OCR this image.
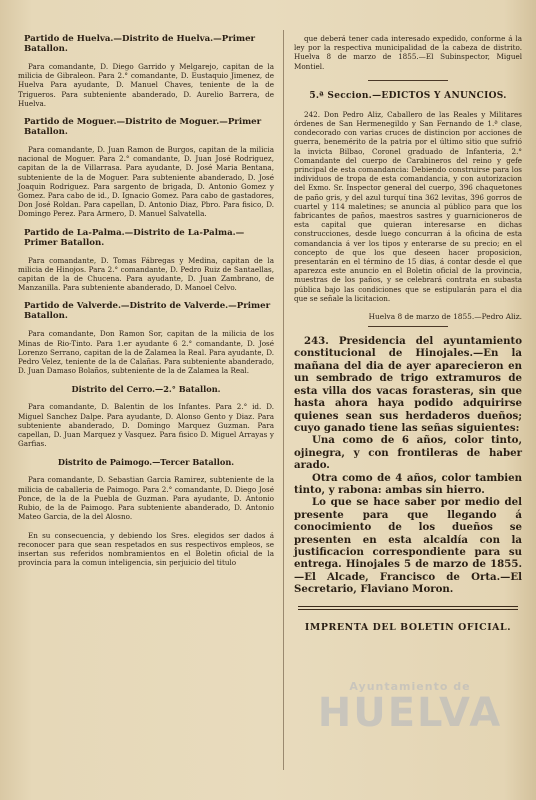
Partido de Huelva.—Distrito de Huelva.—Primer Batallon.

Para comandante, D. Diego Garrido y Melgarejo, capitan de la milicia de Gibraleon. Para 2.° comandante, D. Eustaquio Jimenez, de Huelva Para ayudante, D. Manuel Chaves, teniente de la de Trigueros. Para subteniente abanderado, D. Aurelio Barrera, de Huelva.

Partido de Moguer.—Distrito de Moguer.—Primer Batallon.

Para comandante, D. Juan Ramon de Burgos, capitan de la milicia nacional de Moguer. Para 2.° comandante, D. Juan José Rodriguez, capitan de la de Villarrasa. Para ayudante, D. José Maria Bentana, subteniente de la de Moguer. Para subteniente abanderado, D. José Joaquin Rodriguez. Para sargento de brigada, D. Antonio Gomez y Gomez. Para cabo de id., D. Ignacio Gomez. Para cabo de gastadores, Don José Roldan. Para capellan, D. Antonio Diaz, Pbro. Para fisico, D. Domingo Perez. Para Armero, D. Manuel Salvatella.

Partido de La-Palma.—Distrito de La-Palma.—Primer Batallon.

Para comandante, D. Tomas Fábregas y Medina, capitan de la milicia de Hinojos. Para 2.° comandante, D. Pedro Ruiz de Santaellas, capitan de la de Chucena. Para ayudante, D. Juan Zambrano, de Manzanilla. Para subteniente abanderado, D. Manoel Celvo.

Partido de Valverde.—Distrito de Valverde.—Primer Batallon.

Para comandante, Don Ramon Sor, capitan de la milicia de los Minas de Rio-Tinto. Para 1.er ayudante 6 2.° comandante, D. José Lorenzo Serrano, capitan de la de Zalamea la Real. Para ayudante, D. Pedro Velez, teniente de la de Calañas. Para subteniente abanderado, D. Juan Damaso Bolaños, subteniente de la de Zalamea la Real.

Distrito del Cerro.—2.° Batallon.

Para comandante, D. Balentin de los Infantes. Para 2.° id. D. Miguel Sanchez Dalpe. Para ayudante, D. Alonso Gento y Diaz. Para subteniente abanderado, D. Domingo Marquez Guzman. Para capellan, D. Juan Marquez y Vasquez. Para fisico D. Miguel Arrayas y Garfias.

Distrito de Paimogo.—Tercer Batallon.

Para comandante, D. Sebastian Garcia Ramirez, subteniente de la milicia de caballeria de Paimogo. Para 2.° comandante, D. Diego José Ponce, de la de la Puebla de Guzman. Para ayudante, D. Antonio Rubio, de la de Paimogo. Para subteniente abanderado, D. Antonio Mateo Garcia, de la del Alosno.

En su consecuencia, y debiendo los Sres. elegidos ser dados á reconocer para que sean respetados en sus respectivos empleos, se insertan sus referidos nombramientos en el Boletin oficial de la provincia para la comun inteligencia, sin perjuicio del titulo

que deberá tener cada interesado expedido, conforme á la ley por la respectiva municipalidad de la cabeza de distrito. Huelva 8 de marzo de 1855.—El Subinspector, Miguel Montiel.

5.ª Seccion.—EDICTOS Y ANUNCIOS.

242. Don Pedro Aliz, Caballero de las Reales y Militares órdenes de San Hermenegildo y San Fernando de 1.ª clase, condecorado con varias cruces de distincion por acciones de guerra, benemérito de la patria por el último sitio que sufrió la invicta Bilbao, Coronel graduado de Infanteria, 2.° Comandante del cuerpo de Carabineros del reino y gefe principal de esta comandancia: Debiendo construirse para los individuos de tropa de esta comandancia, y con autorizacion del Exmo. Sr. Inspector general del cuerpo, 396 chaquetones de paño gris, y del azul turquí tina 362 levitas, 396 gorros de cuartel y 114 maletines; se anuncia al público para que los fabricantes de paños, maestros sastres y guarnicioneros de esta capital que quieran interesarse en dichas construcciones, desde luego concurran á la oficina de esta comandancia á ver los tipos y enterarse de su precio; en el concepto de que los que deseen hacer proposicion, presentarán en el término de 15 dias, á contar desde el que aparezca este anuncio en el Boletin oficial de la provincia, muestras de los paños, y se celebrará contrata en subasta pública bajo las condiciones que se estipularán para el dia que se señale la licitacion.

Huelva 8 de marzo de 1855.—Pedro Aliz.

243. Presidencia del ayuntamiento constitucional de Hinojales.—En la mañana del dia de ayer aparecieron en un sembrado de trigo extramuros de esta villa dos vacas forasteras, sin que hasta ahora haya podido adquirirse quienes sean sus herdaderos dueños; cuyo ganado tiene las señas siguientes:

Una como de 6 años, color tinto, ojinegra, y con frontileras de haber arado.

Otra como de 4 años, color tambien tinto, y rabona: ambas sin hierro.

Lo que se hace saber por medio del presente para que llegando á conocimiento de los dueños se presenten en esta alcaldía con la justificacion correspondiente para su entrega. Hinojales 5 de marzo de 1855.—El Alcade, Francisco de Orta.—El Secretario, Flaviano Moron.

IMPRENTA DEL BOLETIN OFICIAL.

Ayuntamiento de
HUELVA
